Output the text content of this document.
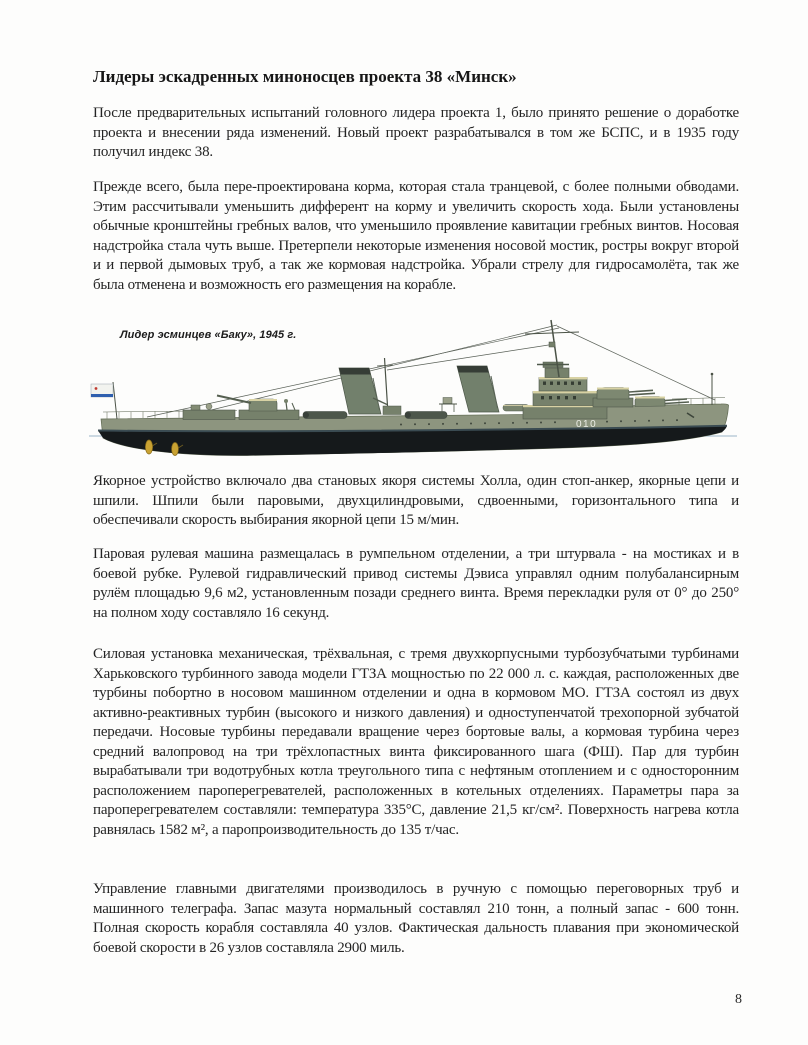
Лидеры эскадренных миноносцев проекта 38 «Минск»

После предварительных испытаний головного лидера проекта 1, было принято решение о доработке проекта и внесении ряда изменений. Новый проект разрабатывался в том же БСПС, и в 1935 году получил индекс 38.

Прежде всего, была пере-проектирована корма, которая стала транцевой, с более полными обводами. Этим рассчитывали уменьшить дифферент на корму и увеличить скорость хода. Были установлены обычные кронштейны гребных валов, что уменьшило проявление кавитации гребных винтов. Носовая надстройка стала чуть выше. Претерпели некоторые изменения носовой мостик, ростры вокруг второй и и первой дымовых труб, а так же кормовая надстройка. Убрали стрелу для гидросамолёта, так же была отменена и возможность его размещения на корабле.

010
Лидер эсминцев «Баку», 1945 г.

Якорное устройство включало два становых якоря системы Холла, один стоп-анкер, якорные цепи и шпили. Шпили были паровыми, двухцилиндровыми, сдвоенными, горизонтального типа и обеспечивали скорость выбирания якорной цепи 15 м/мин.

Паровая рулевая машина размещалась в румпельном отделении, а три штурвала - на мостиках и в боевой рубке. Рулевой гидравлический привод системы Дэвиса управлял одним полубалансирным рулём площадью 9,6 м2, установленным позади среднего винта. Время перекладки руля от 0° до 250° на полном ходу составляло 16 секунд.

Силовая установка механическая, трёхвальная, с тремя двухкорпусными турбозубчатыми турбинами Харьковского турбинного завода модели ГТЗА мощностью по 22 000 л. с. каждая, расположенных две турбины побортно в носовом машинном отделении и одна в кормовом МО. ГТЗА состоял из двух активно-реактивных турбин (высокого и низкого давления) и одноступенчатой трехопорной зубчатой передачи. Носовые турбины передавали вращение через бортовые валы, а кормовая турбина через средний валопровод на три трёхлопастных винта фиксированного шага (ФШ). Пар для турбин вырабатывали три водотрубных котла треугольного типа с нефтяным отоплением и с односторонним расположением пароперегревателей, расположенных в котельных отделениях. Параметры пара за пароперегревателем составляли: температура 335°С, давление 21,5 кг/см². Поверхность нагрева котла равнялась 1582 м², а паропроизводительность до 135 т/час.

Управление главными двигателями производилось в ручную с помощью переговорных труб и машинного телеграфа. Запас мазута нормальный составлял 210 тонн, а полный запас - 600 тонн. Полная скорость корабля составляла 40 узлов. Фактическая дальность плавания при экономической боевой скорости в 26 узлов составляла 2900 миль.

8
